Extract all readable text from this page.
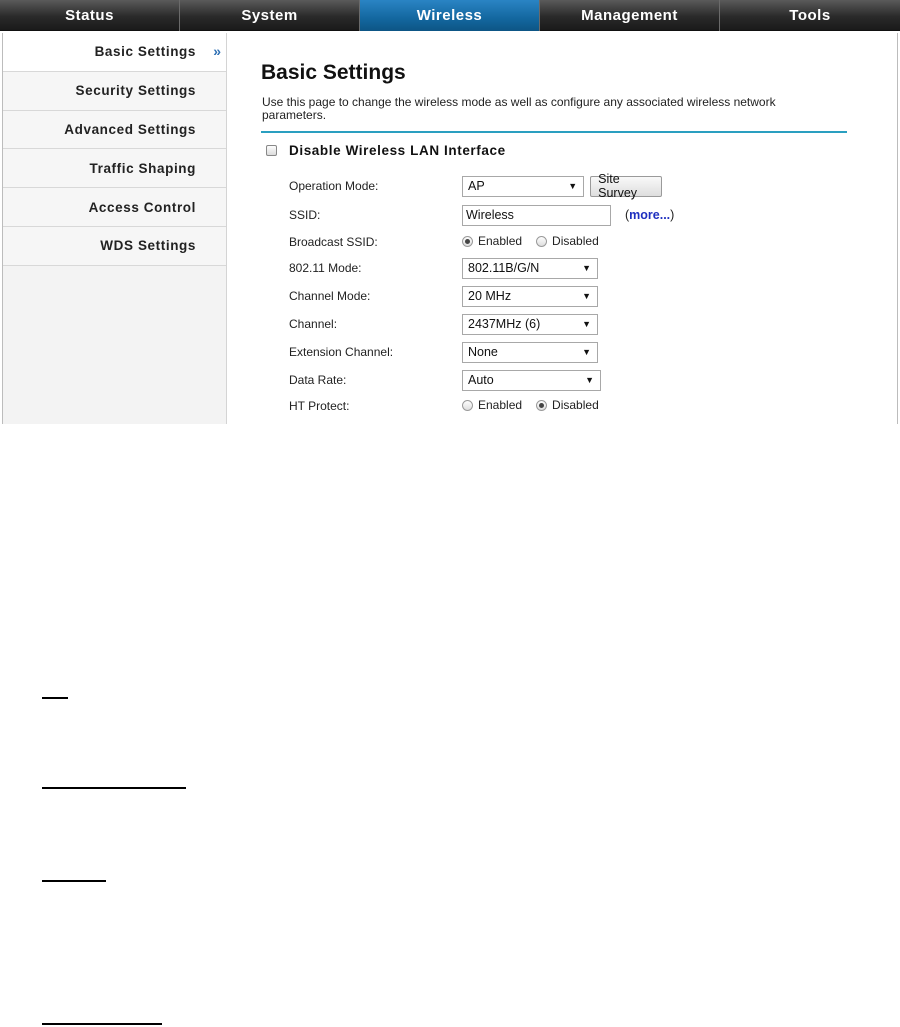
Status	System	Wireless	Management	Tools
Basic Settings »
Security Settings
Advanced Settings
Traffic Shaping
Access Control
WDS Settings
Basic Settings
Use this page to change the wireless mode as well as configure any associated wireless network parameters.
Disable Wireless LAN Interface
Operation Mode:	AP	▼	Site Survey
SSID:	Wireless	(more...)
Broadcast SSID:	Enabled	Disabled
802.11 Mode:	802.11B/G/N	▼
Channel Mode:	20 MHz	▼
Channel:	2437MHz (6)	▼
Extension Channel:	None	▼
Data Rate:	Auto	▼
HT Protect:	Enabled	Disabled
